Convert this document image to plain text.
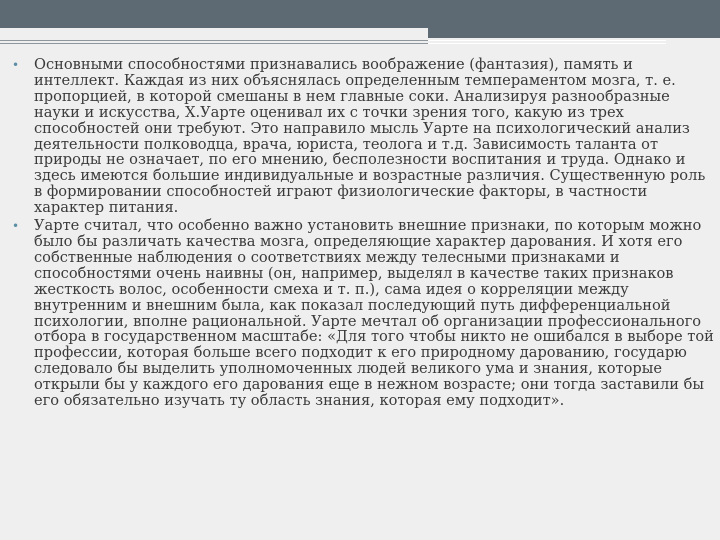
• Основными способностями признавались воображение (фантазия), память и интеллект. Каждая из них объяснялась определенным темпераментом мозга, т. е. пропорцией, в которой смешаны в нем главные соки. Анализируя разнообразные науки и искусства, Х.Уарте оценивал их с точки зрения того, какую из трех способностей они требуют. Это направило мысль Уарте на психологический анализ деятельности полководца, врача, юриста, теолога и т.д. Зависимость таланта от природы не означает, по его мнению, бесполезности воспитания и труда. Однако и здесь имеются большие индивидуальные и возрастные различия. Существенную роль в формировании способностей играют физиологические факторы, в частности характер питания.

• Уарте считал, что особенно важно установить внешние признаки, по которым можно было бы различать качества мозга, определяющие характер дарования. И хотя его собственные наблюдения о соответствиях между телесными признаками и способностями очень наивны (он, например, выделял в качестве таких признаков жесткость волос, особенности смеха и т. п.), сама идея о корреляции между внутренним и внешним была, как показал последующий путь дифференциальной психологии, вполне рациональной. Уарте мечтал об организации профессионального отбора в государственном масштабе: «Для того чтобы никто не ошибался в выборе той профессии, которая больше всего подходит к его природному дарованию, государю следовало бы выделить уполномоченных людей великого ума и знания, которые открыли бы у каждого его дарования еще в нежном возрасте; они тогда заставили бы его обязательно изучать ту область знания, которая ему подходит».
